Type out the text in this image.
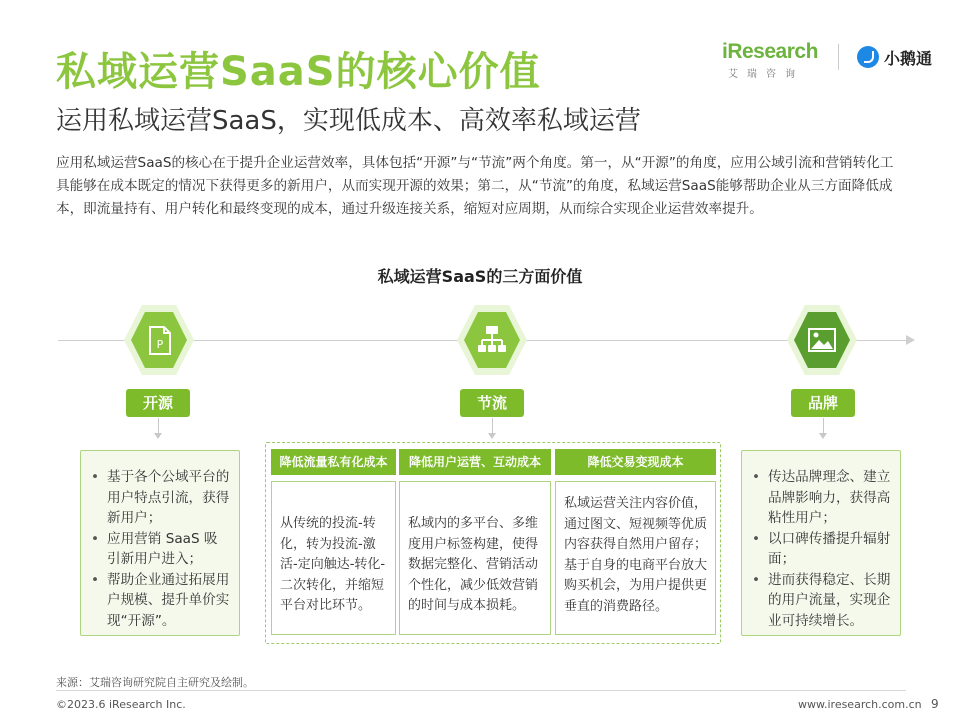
私域运营SaaS的核心价值
运用私域运营SaaS，实现低成本、高效率私域运营
iResearch
艾瑞咨询
小鹅通
应用私域运营SaaS的核心在于提升企业运营效率，具体包括“开源”与“节流”两个角度。第一，从“开源”的角度，应用公域引流和营销转化工具能够在成本既定的情况下获得更多的新用户，从而实现开源的效果；第二，从“节流”的角度，私域运营SaaS能够帮助企业从三方面降低成本，即流量持有、用户转化和最终变现的成本，通过升级连接关系，缩短对应周期，从而综合实现企业运营效率提升。
私域运营SaaS的三方面价值
P
开源	节流	品牌
• 基于各个公域平台的用户特点引流，获得新用户；
• 应用营销 SaaS 吸引新用户进入；
• 帮助企业通过拓展用户规模、提升单价实现“开源”。
降低流量私有化成本
从传统的投流-转化，转为投流-激活-定向触达-转化-二次转化，并缩短平台对比环节。
降低用户运营、互动成本
私域内的多平台、多维度用户标签构建，使得数据完整化、营销活动个性化，减少低效营销的时间与成本损耗。
降低交易变现成本
私域运营关注内容价值，通过图文、短视频等优质内容获得自然用户留存；
基于自身的电商平台放大购买机会，为用户提供更垂直的消费路径。
• 传达品牌理念、建立品牌影响力，获得高粘性用户；
• 以口碑传播提升辐射面；
• 进而获得稳定、长期的用户流量，实现企业可持续增长。
来源：艾瑞咨询研究院自主研究及绘制。
©2023.6 iResearch Inc.	www.iresearch.com.cn 9
